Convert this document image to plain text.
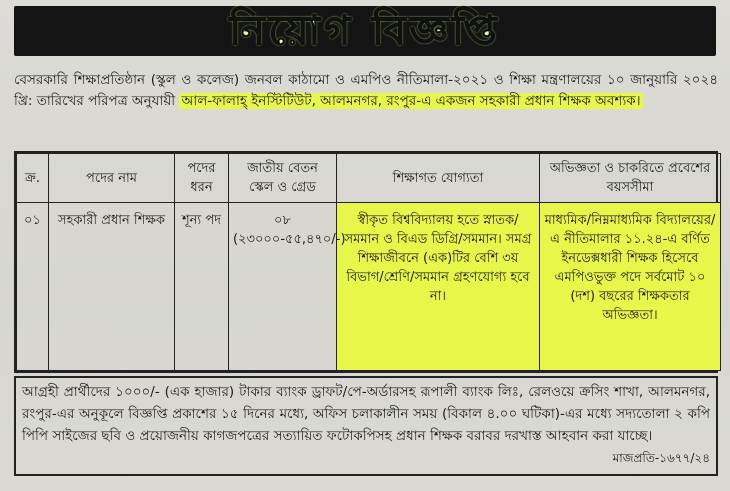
নিয়োগ বিজ্ঞপ্তি
বেসরকারি শিক্ষাপ্রতিষ্ঠান (স্কুল ও কলেজ) জনবল কাঠামো ও এমপিও নীতিমালা-২০২১ ও শিক্ষা মন্ত্রণালয়ের ১০ জানুয়ারি ২০২৪ খ্রি: তারিখের পরিপত্র অনুযায়ী আল-ফালাহ্ ইনস্টিটিউট, আলমনগর, রংপুর-এ একজন সহকারী প্রধান শিক্ষক অবশ্যক।
ক্র.	পদের নাম	পদের ধরন	জাতীয় বেতন স্কেল ও গ্রেড	শিক্ষাগত যোগ্যতা	অভিজ্ঞতা ও চাকরিতে প্রবেশের বয়সসীমা
০১	সহকারী প্রধান শিক্ষক	শূন্য পদ	০৮ (২৩০০০-৫৫,৪৭০/-)	স্বীকৃত বিশ্ববিদ্যালয় হতে স্নাতক/সমমান ও বিএড ডিগ্রি/সমমান। সমগ্র শিক্ষাজীবনে (এক)টির বেশি ৩য় বিভাগ/শ্রেণি/সমমান গ্রহণযোগ্য হবে না।	মাধ্যমিক/নিম্নমাধ্যমিক বিদ্যালয়ের/এ নীতিমালার ১১.২৪-এ বর্ণিত ইনডেক্সধারী শিক্ষক হিসেবে এমপিওভুক্ত পদে সর্বমোট ১০ (দশ) বছরের শিক্ষকতার অভিজ্ঞতা।
আগ্রহী প্রার্থীদের ১০০০/- (এক হাজার) টাকার ব্যাংক ড্রাফট/পে-অর্ডারসহ রূপালী ব্যাংক লিঃ, রেলওয়ে ক্রসিং শাখা, আলমনগর, রংপুর-এর অনুকূলে বিজ্ঞপ্তি প্রকাশের ১৫ দিনের মধ্যে, অফিস চলাকালীন সময় (বিকাল ৪.০০ ঘটিকা)-এর মধ্যে সদ্যতোলা ২ কপি পিপি সাইজের ছবি ও প্রয়োজনীয় কাগজপত্রের সত্যায়িত ফটোকপিসহ প্রধান শিক্ষক বরাবর দরখাস্ত আহবান করা যাচ্ছে।
মাজপ্রতি-১৬৭৭/২৪
